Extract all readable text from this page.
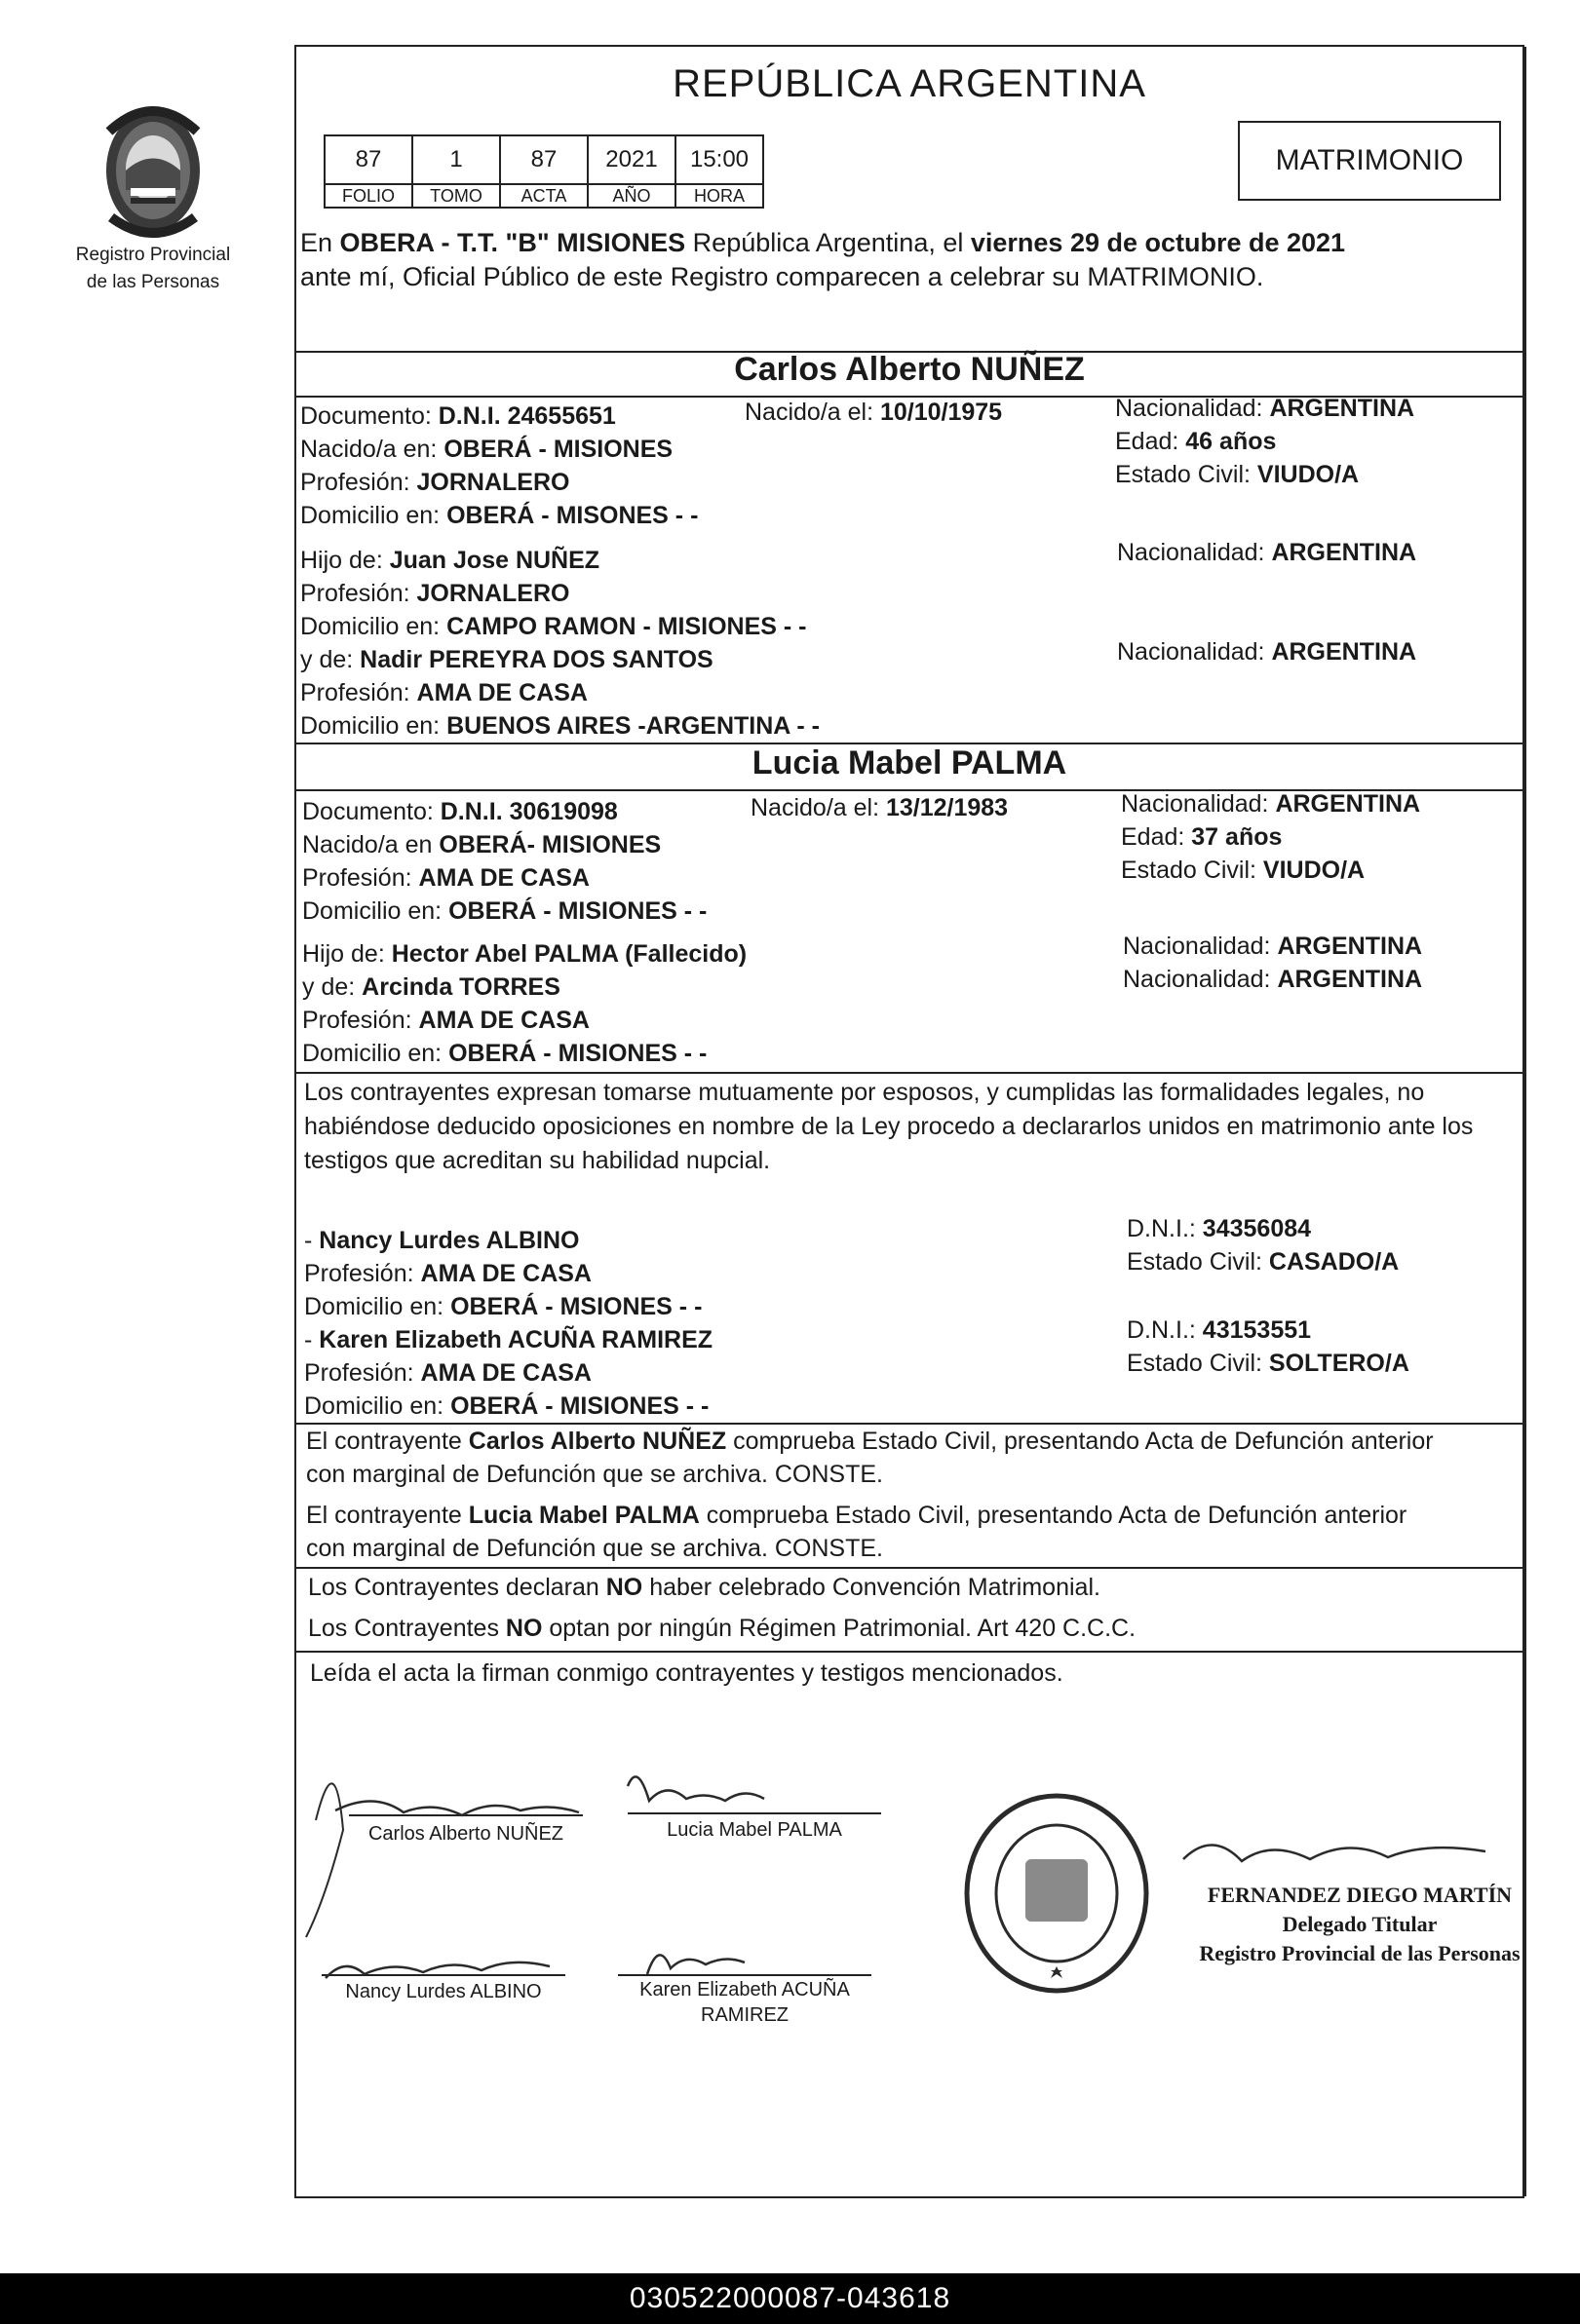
Registro Provincial
de las Personas
REPÚBLICA ARGENTINA
87	1	87	2021	15:00
FOLIO	TOMO	ACTA	AÑO	HORA
MATRIMONIO
En OBERA - T.T. "B" MISIONES República Argentina, el viernes 29 de octubre de 2021
ante mí, Oficial Público de este Registro comparecen a celebrar su MATRIMONIO.
Carlos Alberto NUÑEZ
Documento: D.N.I. 24655651	Nacido/a el: 10/10/1975	Nacionalidad: ARGENTINA
Edad: 46 años
Estado Civil: VIUDO/A
Nacido/a en: OBERÁ - MISIONES
Profesión: JORNALERO
Domicilio en: OBERÁ - MISONES - -
Hijo de: Juan Jose NUÑEZ	Nacionalidad: ARGENTINA
Profesión: JORNALERO
Domicilio en: CAMPO RAMON - MISIONES - -
y de: Nadir PEREYRA DOS SANTOS	Nacionalidad: ARGENTINA
Profesión: AMA DE CASA
Domicilio en: BUENOS AIRES -ARGENTINA - -
Lucia Mabel PALMA
Documento: D.N.I. 30619098	Nacido/a el: 13/12/1983	Nacionalidad: ARGENTINA
Edad: 37 años
Estado Civil: VIUDO/A
Nacido/a en OBERÁ- MISIONES
Profesión: AMA DE CASA
Domicilio en: OBERÁ - MISIONES - -
Hijo de: Hector Abel PALMA (Fallecido)	Nacionalidad: ARGENTINA
y de: Arcinda TORRES	Nacionalidad: ARGENTINA
Profesión: AMA DE CASA
Domicilio en: OBERÁ - MISIONES - -
Los contrayentes expresan tomarse mutuamente por esposos, y cumplidas las formalidades legales, no habiéndose deducido oposiciones en nombre de la Ley procedo a declararlos unidos en matrimonio ante los testigos que acreditan su habilidad nupcial.
- Nancy Lurdes ALBINO
Profesión: AMA DE CASA
Domicilio en: OBERÁ - MSIONES - -
D.N.I.: 34356084
Estado Civil: CASADO/A
- Karen Elizabeth ACUÑA RAMIREZ
Profesión: AMA DE CASA
Domicilio en: OBERÁ - MISIONES - -
D.N.I.: 43153551
Estado Civil: SOLTERO/A
El contrayente Carlos Alberto NUÑEZ comprueba Estado Civil, presentando Acta de Defunción anterior
con marginal de Defunción que se archiva. CONSTE.
El contrayente Lucia Mabel PALMA comprueba Estado Civil, presentando Acta de Defunción anterior
con marginal de Defunción que se archiva. CONSTE.
Los Contrayentes declaran NO haber celebrado Convención Matrimonial.
Los Contrayentes NO optan por ningún Régimen Patrimonial. Art 420 C.C.C.
Leída el acta la firman conmigo contrayentes y testigos mencionados.
Carlos Alberto NUÑEZ	Lucia Mabel PALMA
Nancy Lurdes ALBINO	Karen Elizabeth ACUÑA
RAMIREZ
FERNANDEZ DIEGO MARTÍN
Delegado Titular
Registro Provincial de las Personas
030522000087-043618
